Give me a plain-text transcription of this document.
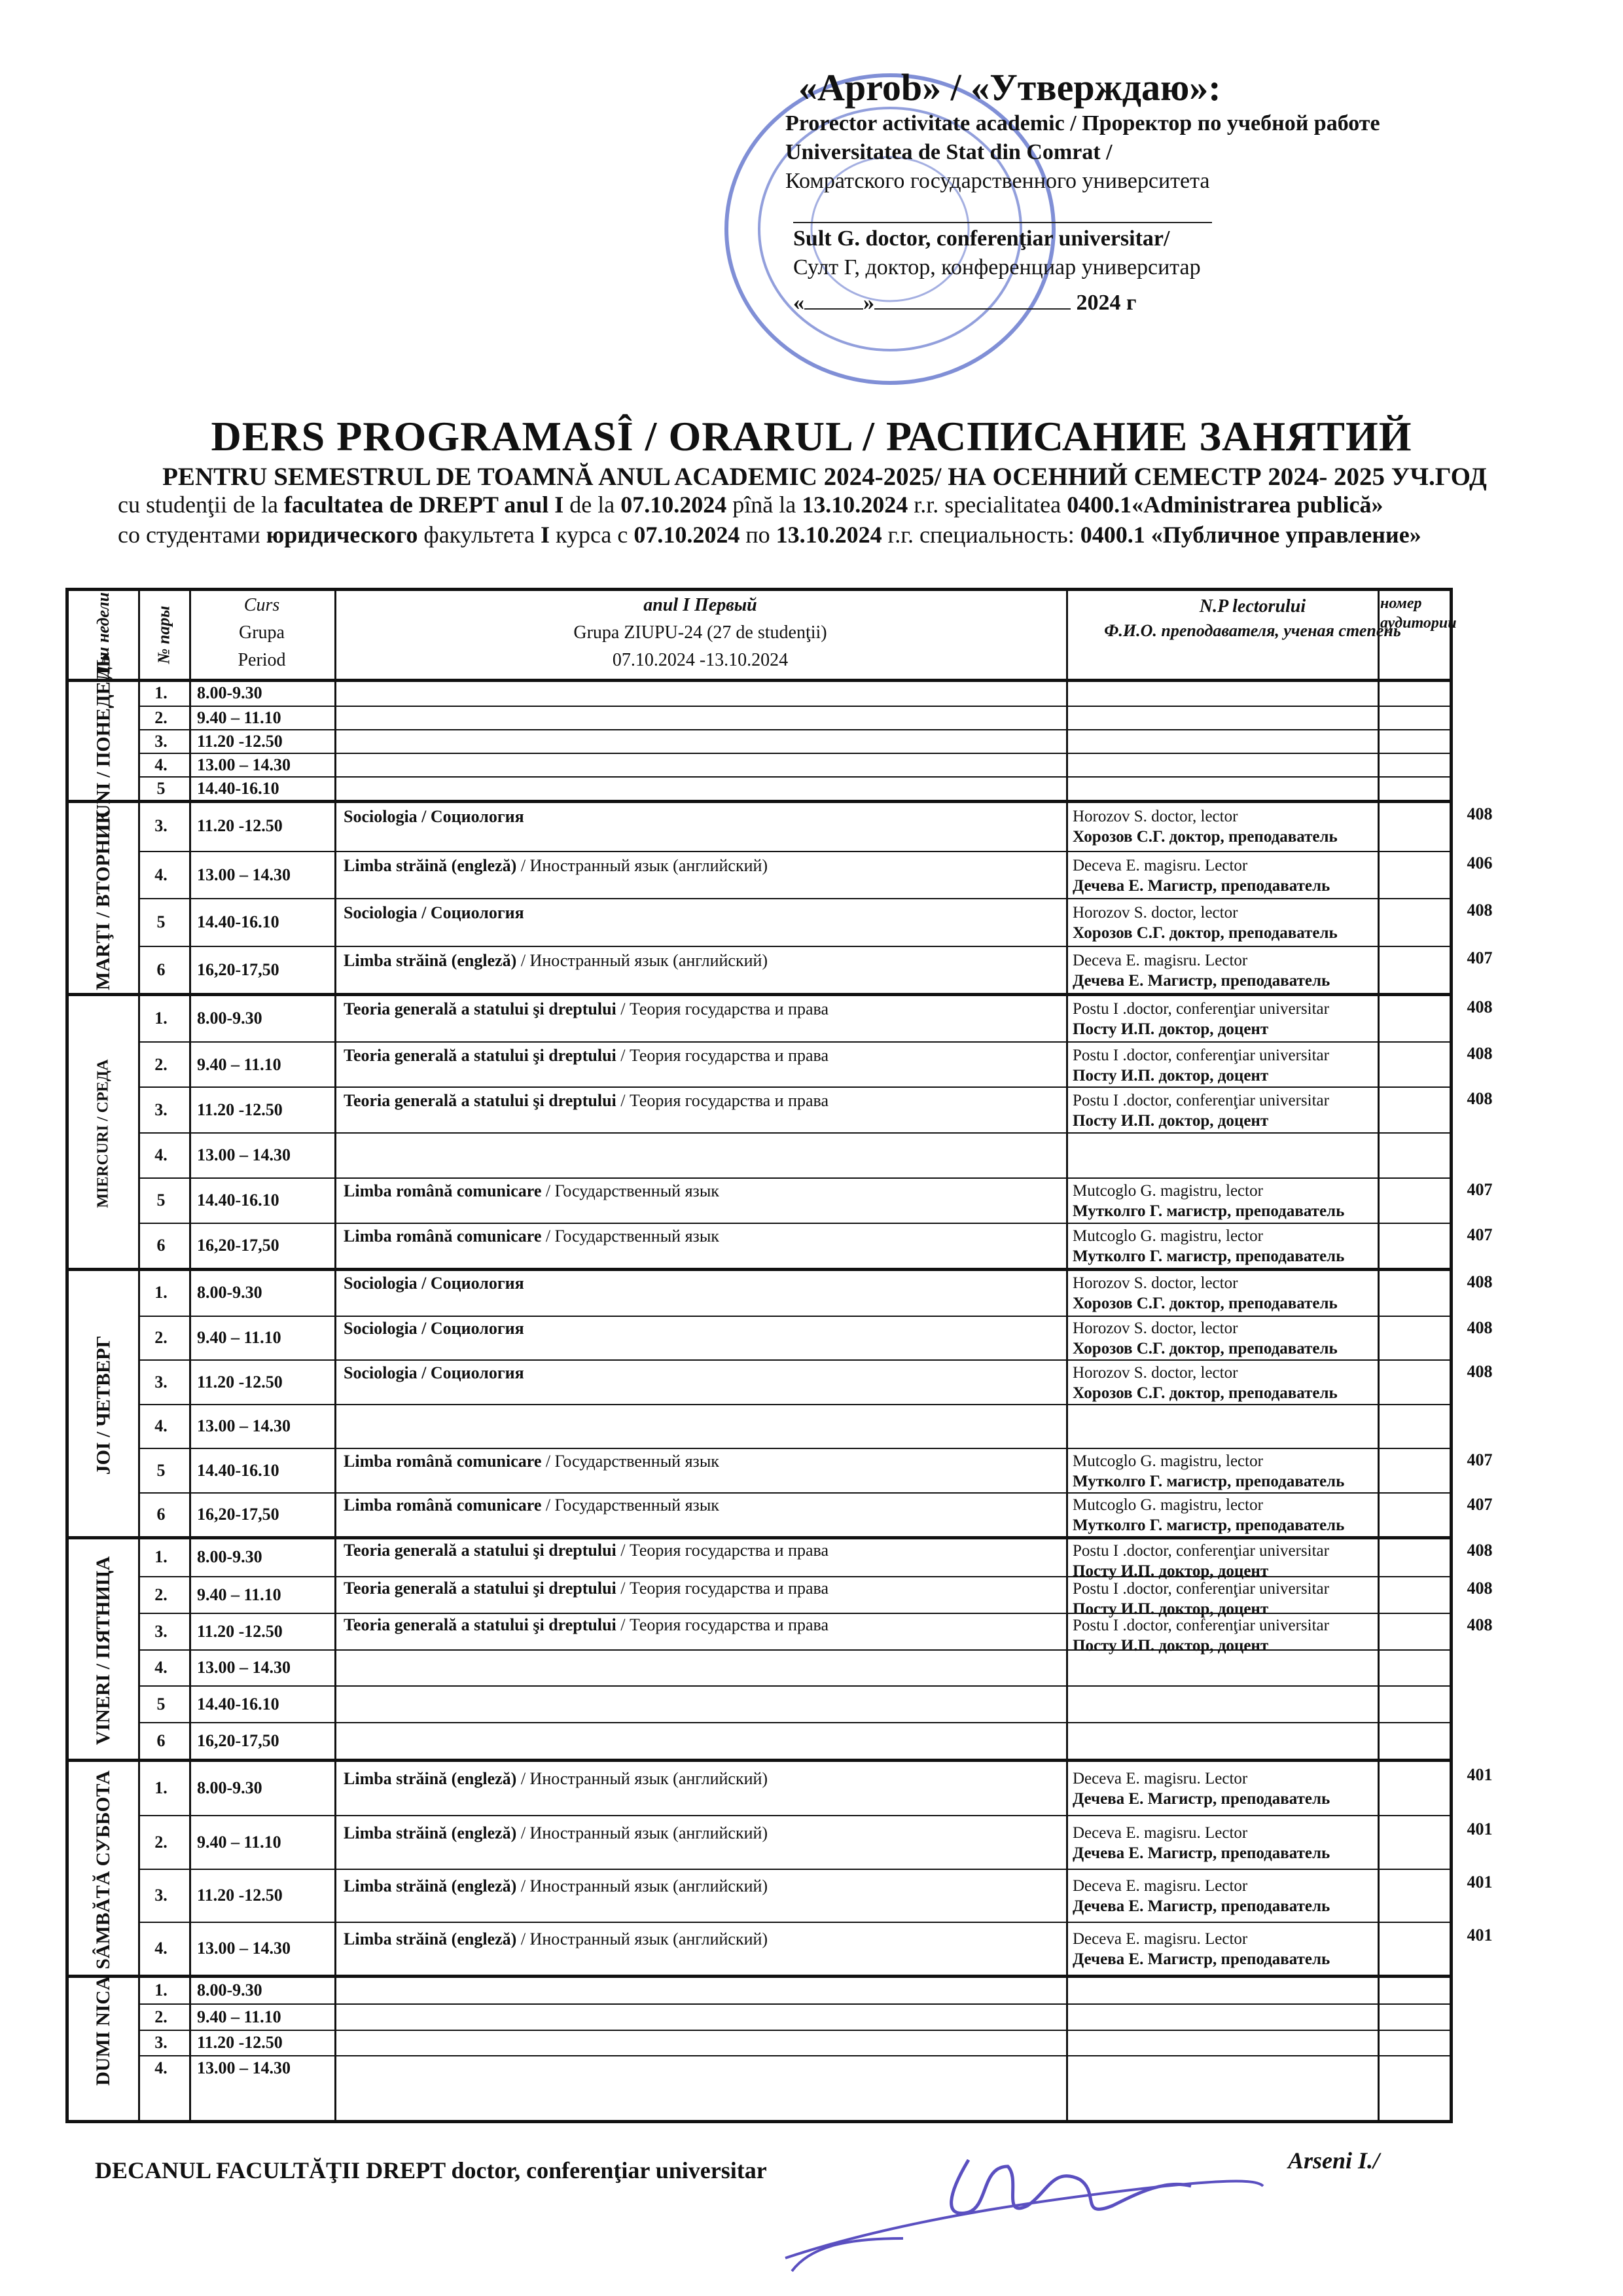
«Aprob» / «Утверждаю»:
Prorector activitate academic / Проректор по учебной работе
Universitatea de Stat din Comrat /
Комратского государственного университета
Sult G. doctor, conferenţiar universitar/
Султ Г, доктор, конференциар университар
«	»	2024 г
DERS PROGRAMASÎ / ORARUL / РАСПИСАНИЕ ЗАНЯТИЙ
PENTRU SEMESTRUL DE TOAMNĂ ANUL ACADEMIC 2024-2025/ НА ОСЕННИЙ СЕМЕСТР 2024- 2025 УЧ.ГОД
cu studenţii de la facultatea de DREPT anul I de la 07.10.2024 pînă la 13.10.2024 r.r. specialitatea 0400.1«Administrarea publică»
со студентами юридического факультета I курса с 07.10.2024 по 13.10.2024 г.г. специальность: 0400.1 «Публичное управление»
Дни недели № пары
Curs
Grupa
Period
anul I Первый
Grupa ZIUPU-24 (27 de studenţii)
07.10.2024 -13.10.2024
N.P lectorului
Ф.И.О. преподавателя, ученая степень
номер аудитории
LUNI / ПОНЕДЕЛЬ	1.	8.00-9.30
2.	9.40 – 11.10
3.	11.20 -12.50
4.	13.00 – 14.30
5	14.40-16.10
MARŢI / ВТОРНИК	3.	11.20 -12.50	Sociologia / Социология	Horozov S. doctor, lector
Хорозов С.Г. доктор, преподаватель
408
4.	13.00 – 14.30	Limba străină (engleză) / Иностранный язык (английский)	Deceva E. magisru. Lector
Дечева Е. Магистр, преподаватель
406
5	14.40-16.10	Sociologia / Социология	Horozov S. doctor, lector
Хорозов С.Г. доктор, преподаватель
408
6	16,20-17,50	Limba străină (engleză) / Иностранный язык (английский)	Deceva E. magisru. Lector
Дечева Е. Магистр, преподаватель
407
MIERCURI / СРЕДА
1.	8.00-9.30	Teoria generală a statului şi dreptului / Теория государства и права	Postu I .doctor, conferenţiar universitar
Посту И.П. доктор, доцент
408
2.	9.40 – 11.10	Teoria generală a statului şi dreptului / Теория государства и права	Postu I .doctor, conferenţiar universitar
Посту И.П. доктор, доцент
408
3.	11.20 -12.50	Teoria generală a statului şi dreptului / Теория государства и права	Postu I .doctor, conferenţiar universitar
Посту И.П. доктор, доцент
408
4.	13.00 – 14.30
5	14.40-16.10	Limba română comunicare / Государственный язык	Mutcoglo G. magistru, lector
Мутколго Г. магистр, преподаватель
407
6	16,20-17,50	Limba română comunicare / Государственный язык	Mutcoglo G. magistru, lector
Мутколго Г. магистр, преподаватель
407
JOI / ЧЕТВЕРГ
1.	8.00-9.30	Sociologia / Социология	Horozov S. doctor, lector
Хорозов С.Г. доктор, преподаватель
408
2.	9.40 – 11.10	Sociologia / Социология	Horozov S. doctor, lector
Хорозов С.Г. доктор, преподаватель
408
3.	11.20 -12.50	Sociologia / Социология	Horozov S. doctor, lector
Хорозов С.Г. доктор, преподаватель
408
4.	13.00 – 14.30
5	14.40-16.10	Limba română comunicare / Государственный язык	Mutcoglo G. magistru, lector
Мутколго Г. магистр, преподаватель
407
6	16,20-17,50	Limba română comunicare / Государственный язык	Mutcoglo G. magistru, lector
Мутколго Г. магистр, преподаватель
407
VINERI / ПЯТНИЦА	1.	8.00-9.30	Teoria generală a statului şi dreptului / Теория государства и права	Postu I .doctor, conferenţiar universitar
Посту И.П. доктор, доцент
408
2.	9.40 – 11.10	Teoria generală a statului şi dreptului / Теория государства и права	Postu I .doctor, conferenţiar universitar
Посту И.П. доктор, доцент
408
3.	11.20 -12.50	Teoria generală a statului şi dreptului / Теория государства и права	Postu I .doctor, conferenţiar universitar
Посту И.П. доктор, доцент
408
4.	13.00 – 14.30
5	14.40-16.10
6	16,20-17,50
SÂMBĂTĂ СУББОТА	1.	8.00-9.30	Limba străină (engleză) / Иностранный язык (английский)	Deceva E. magisru. Lector
Дечева Е. Магистр, преподаватель
401
2.	9.40 – 11.10	Limba străină (engleză) / Иностранный язык (английский)	Deceva E. magisru. Lector
Дечева Е. Магистр, преподаватель
401
3.	11.20 -12.50	Limba străină (engleză) / Иностранный язык (английский)	Deceva E. magisru. Lector
Дечева Е. Магистр, преподаватель
401
4.	13.00 – 14.30	Limba străină (engleză) / Иностранный язык (английский)	Deceva E. magisru. Lector
Дечева Е. Магистр, преподаватель
401
DUMI NICA	1.	8.00-9.30
2.	9.40 – 11.10
3.	11.20 -12.50
4.	13.00 – 14.30
DECANUL FACULTĂŢII DREPT doctor, conferenţiar universitar	Arseni I./
